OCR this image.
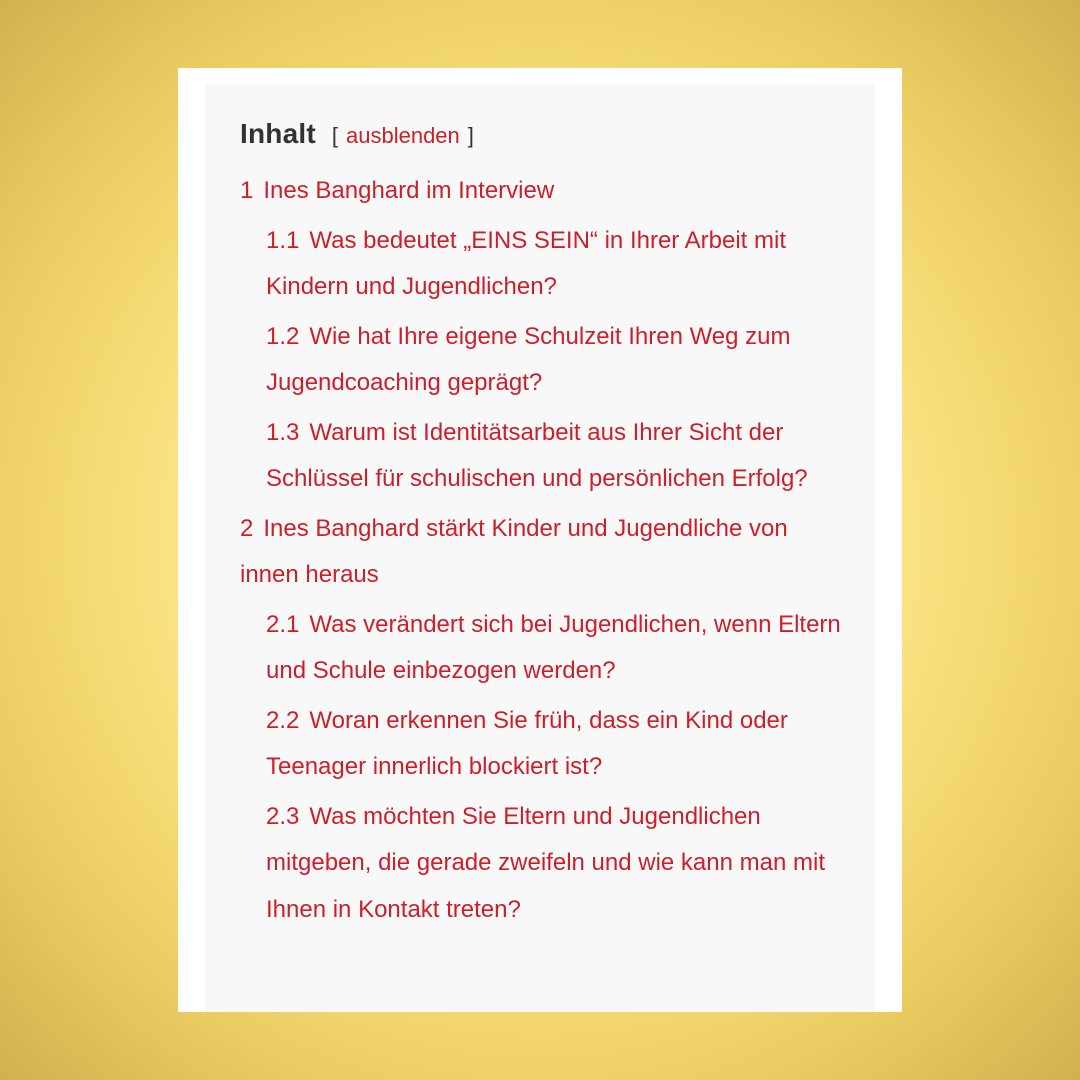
Inhalt [ ausblenden ]
1 Ines Banghard im Interview
1.1 Was bedeutet „EINS SEIN“ in Ihrer Arbeit mit Kindern und Jugendlichen?
1.2 Wie hat Ihre eigene Schulzeit Ihren Weg zum Jugendcoaching geprägt?
1.3 Warum ist Identitätsarbeit aus Ihrer Sicht der Schlüssel für schulischen und persönlichen Erfolg?
2 Ines Banghard stärkt Kinder und Jugendliche von innen heraus
2.1 Was verändert sich bei Jugendlichen, wenn Eltern und Schule einbezogen werden?
2.2 Woran erkennen Sie früh, dass ein Kind oder Teenager innerlich blockiert ist?
2.3 Was möchten Sie Eltern und Jugendlichen mitgeben, die gerade zweifeln und wie kann man mit Ihnen in Kontakt treten?
